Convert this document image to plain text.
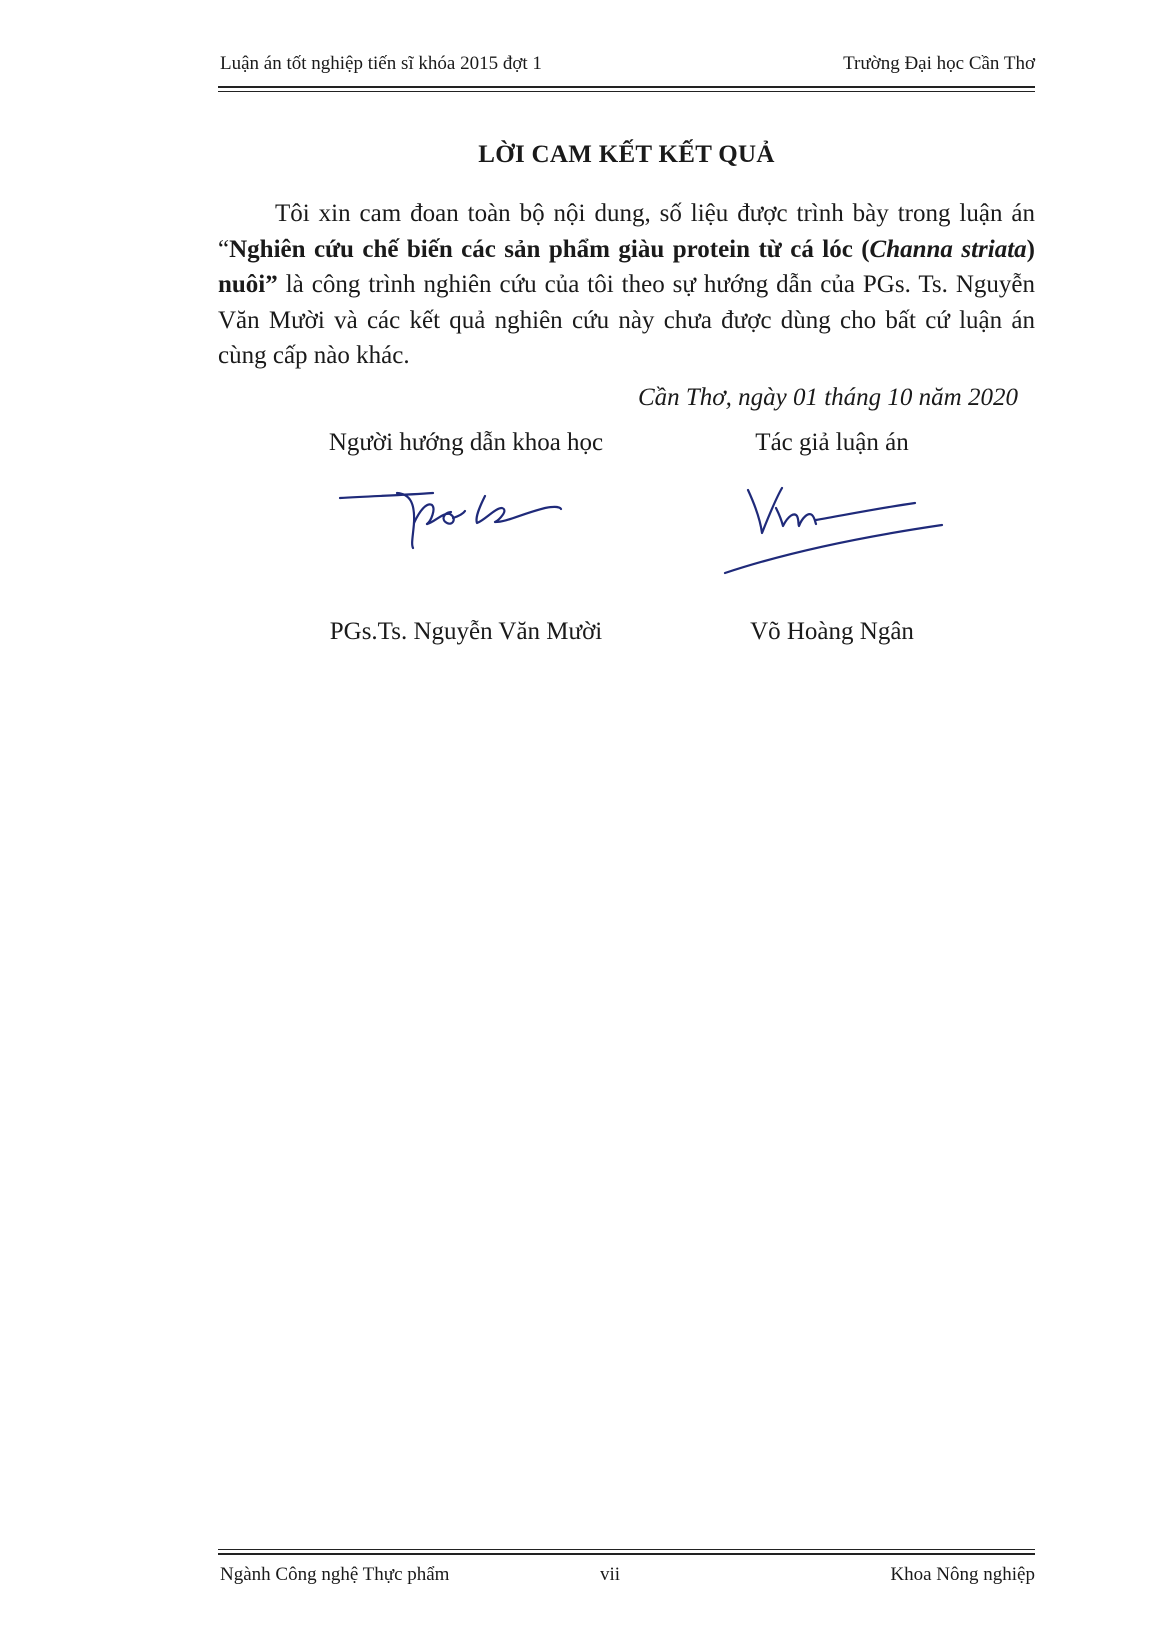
Luận án tốt nghiệp tiến sĩ khóa 2015 đợt 1	Trường Đại học Cần Thơ
LỜI CAM KẾT KẾT QUẢ

Tôi xin cam đoan toàn bộ nội dung, số liệu được trình bày trong luận án “Nghiên cứu chế biến các sản phẩm giàu protein từ cá lóc (Channa striata) nuôi” là công trình nghiên cứu của tôi theo sự hướng dẫn của PGs. Ts. Nguyễn Văn Mười và các kết quả nghiên cứu này chưa được dùng cho bất cứ luận án cùng cấp nào khác.

Cần Thơ, ngày 01 tháng 10 năm 2020
Người hướng dẫn khoa học	Tác giả luận án
PGs.Ts. Nguyễn Văn Mười	Võ Hoàng Ngân
Ngành Công nghệ Thực phẩm	vii	Khoa Nông nghiệp
